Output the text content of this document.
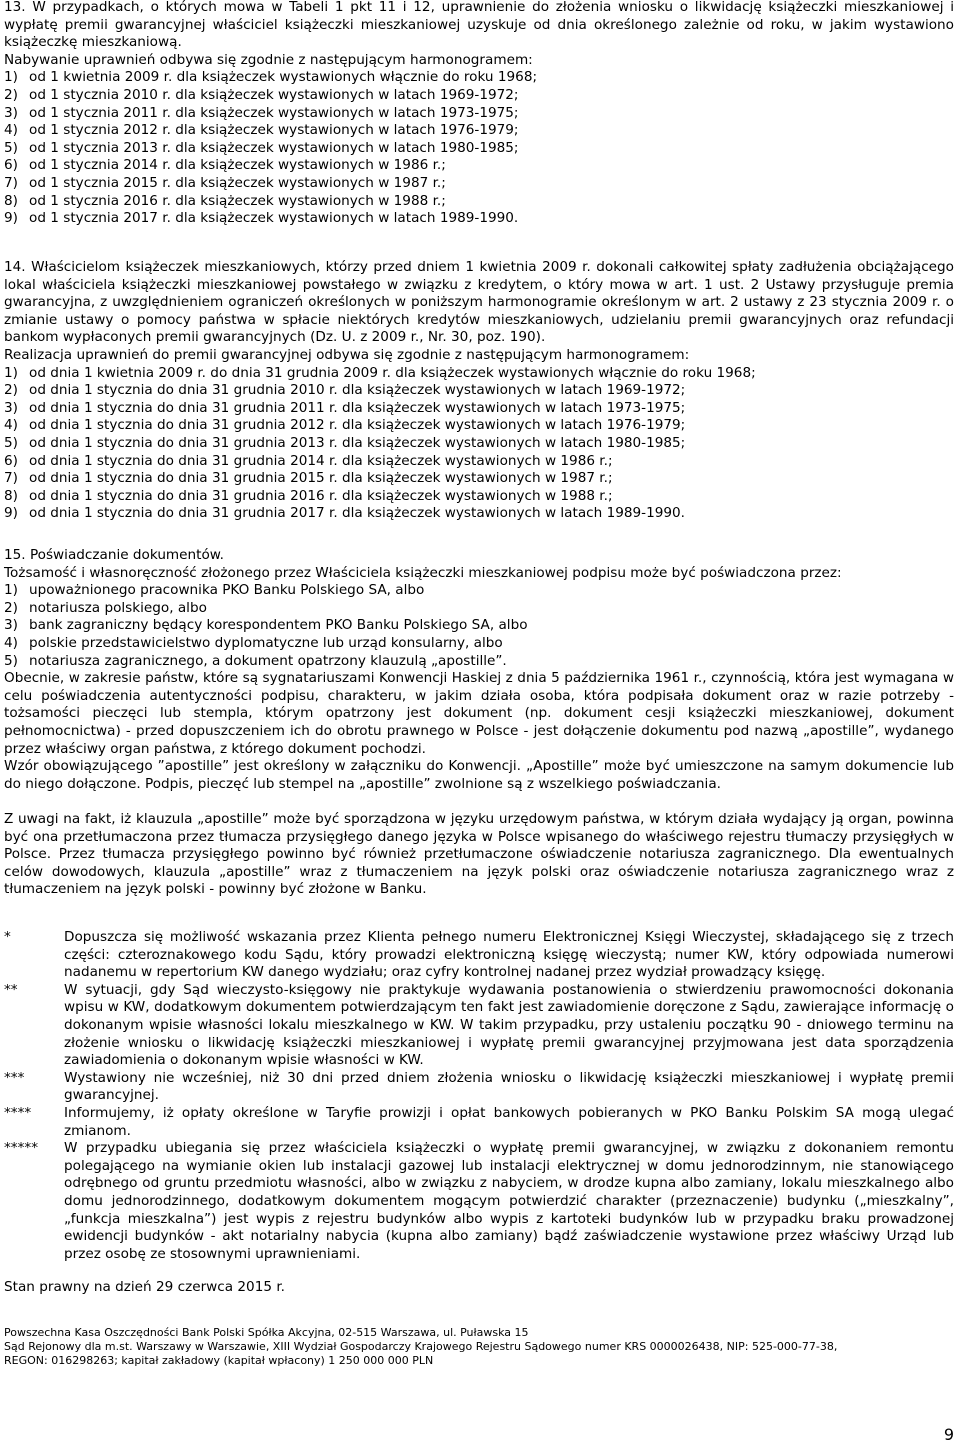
13. W przypadkach, o których mowa w Tabeli 1 pkt 11 i 12, uprawnienie do złożenia wniosku o likwidację książeczki mieszkaniowej i wypłatę premii gwarancyjnej właściciel książeczki mieszkaniowej uzyskuje od dnia określonego zależnie od roku, w jakim wystawiono książeczkę mieszkaniową.

Nabywanie uprawnień odbywa się zgodnie z następującym harmonogramem:

1) od 1 kwietnia 2009 r. dla książeczek wystawionych włącznie do roku 1968;
2) od 1 stycznia 2010 r. dla książeczek wystawionych w latach 1969-1972;
3) od 1 stycznia 2011 r. dla książeczek wystawionych w latach 1973-1975;
4) od 1 stycznia 2012 r. dla książeczek wystawionych w latach 1976-1979;
5) od 1 stycznia 2013 r. dla książeczek wystawionych w latach 1980-1985;
6) od 1 stycznia 2014 r. dla książeczek wystawionych w 1986 r.;
7) od 1 stycznia 2015 r. dla książeczek wystawionych w 1987 r.;
8) od 1 stycznia 2016 r. dla książeczek wystawionych w 1988 r.;
9) od 1 stycznia 2017 r. dla książeczek wystawionych w latach 1989-1990.

14. Właścicielom książeczek mieszkaniowych, którzy przed dniem 1 kwietnia 2009 r. dokonali całkowitej spłaty zadłużenia obciążającego lokal właściciela książeczki mieszkaniowej powstałego w związku z kredytem, o który mowa w art. 1 ust. 2 Ustawy przysługuje premia gwarancyjna, z uwzględnieniem ograniczeń określonych w poniższym harmonogramie określonym w art. 2 ustawy z 23 stycznia 2009 r. o zmianie ustawy o pomocy państwa w spłacie niektórych kredytów mieszkaniowych, udzielaniu premii gwarancyjnych oraz refundacji bankom wypłaconych premii gwarancyjnych (Dz. U. z 2009 r., Nr. 30, poz. 190).

Realizacja uprawnień do premii gwarancyjnej odbywa się zgodnie z następującym harmonogramem:

1) od dnia 1 kwietnia 2009 r. do dnia 31 grudnia 2009 r. dla książeczek wystawionych włącznie do roku 1968;
2) od dnia 1 stycznia do dnia 31 grudnia 2010 r. dla książeczek wystawionych w latach 1969-1972;
3) od dnia 1 stycznia do dnia 31 grudnia 2011 r. dla książeczek wystawionych w latach 1973-1975;
4) od dnia 1 stycznia do dnia 31 grudnia 2012 r. dla książeczek wystawionych w latach 1976-1979;
5) od dnia 1 stycznia do dnia 31 grudnia 2013 r. dla książeczek wystawionych w latach 1980-1985;
6) od dnia 1 stycznia do dnia 31 grudnia 2014 r. dla książeczek wystawionych w 1986 r.;
7) od dnia 1 stycznia do dnia 31 grudnia 2015 r. dla książeczek wystawionych w 1987 r.;
8) od dnia 1 stycznia do dnia 31 grudnia 2016 r. dla książeczek wystawionych w 1988 r.;
9) od dnia 1 stycznia do dnia 31 grudnia 2017 r. dla książeczek wystawionych w latach 1989-1990.

15. Poświadczanie dokumentów.

Tożsamość i własnoręczność złożonego przez Właściciela książeczki mieszkaniowej podpisu może być poświadczona przez:

1) upoważnionego pracownika PKO Banku Polskiego SA, albo
2) notariusza polskiego, albo
3) bank zagraniczny będący korespondentem PKO Banku Polskiego SA, albo
4) polskie przedstawicielstwo dyplomatyczne lub urząd konsularny, albo
5) notariusza zagranicznego, a dokument opatrzony klauzulą „apostille”.

Obecnie, w zakresie państw, które są sygnatariuszami Konwencji Haskiej z dnia 5 października 1961 r., czynnością, która jest wymagana w celu poświadczenia autentyczności podpisu, charakteru, w jakim działa osoba, która podpisała dokument oraz w razie potrzeby - tożsamości pieczęci lub stempla, którym opatrzony jest dokument (np. dokument cesji książeczki mieszkaniowej, dokument pełnomocnictwa) - przed dopuszczeniem ich do obrotu prawnego w Polsce - jest dołączenie dokumentu pod nazwą „apostille”, wydanego przez właściwy organ państwa, z którego dokument pochodzi.

Wzór obowiązującego ”apostille” jest określony w załączniku do Konwencji. „Apostille” może być umieszczone na samym dokumencie lub do niego dołączone. Podpis, pieczęć lub stempel na „apostille” zwolnione są z wszelkiego poświadczania.

Z uwagi na fakt, iż klauzula „apostille” może być sporządzona w języku urzędowym państwa, w którym działa wydający ją organ, powinna być ona przetłumaczona przez tłumacza przysięgłego danego języka w Polsce wpisanego do właściwego rejestru tłumaczy przysięgłych w Polsce. Przez tłumacza przysięgłego powinno być również przetłumaczone oświadczenie notariusza zagranicznego. Dla ewentualnych celów dowodowych, klauzula „apostille” wraz z tłumaczeniem na język polski oraz oświadczenie notariusza zagranicznego wraz z tłumaczeniem na język polski - powinny być złożone w Banku.

*	Dopuszcza się możliwość wskazania przez Klienta pełnego numeru Elektronicznej Księgi Wieczystej, składającego się z trzech części: czteroznakowego kodu Sądu, który prowadzi elektroniczną księgę wieczystą; numer KW, który odpowiada numerowi nadanemu w repertorium KW danego wydziału; oraz cyfry kontrolnej nadanej przez wydział prowadzący księgę.
**	W sytuacji, gdy Sąd wieczysto-księgowy nie praktykuje wydawania postanowienia o stwierdzeniu prawomocności dokonania wpisu w KW, dodatkowym dokumentem potwierdzającym ten fakt jest zawiadomienie doręczone z Sądu, zawierające informację o dokonanym wpisie własności lokalu mieszkalnego w KW. W takim przypadku, przy ustaleniu początku 90 - dniowego terminu na złożenie wniosku o likwidację książeczki mieszkaniowej i wypłatę premii gwarancyjnej przyjmowana jest data sporządzenia zawiadomienia o dokonanym wpisie własności w KW.
***	Wystawiony nie wcześniej, niż 30 dni przed dniem złożenia wniosku o likwidację książeczki mieszkaniowej i wypłatę premii gwarancyjnej.
**** Informujemy, iż opłaty określone w Taryfie prowizji i opłat bankowych pobieranych w PKO Banku Polskim SA mogą ulegać zmianom.
***** W przypadku ubiegania się przez właściciela książeczki o wypłatę premii gwarancyjnej, w związku z dokonaniem remontu polegającego na wymianie okien lub instalacji gazowej lub instalacji elektrycznej w domu jednorodzinnym, nie stanowiącego odrębnego od gruntu przedmiotu własności, albo w związku z nabyciem, w drodze kupna albo zamiany, lokalu mieszkalnego albo domu jednorodzinnego, dodatkowym dokumentem mogącym potwierdzić charakter (przeznaczenie) budynku („mieszkalny”, „funkcja mieszkalna”) jest wypis z rejestru budynków albo wypis z kartoteki budynków lub w przypadku braku prowadzonej ewidencji budynków - akt notarialny nabycia (kupna albo zamiany) bądź zaświadczenie wystawione przez właściwy Urząd lub przez osobę ze stosownymi uprawnieniami.

Stan prawny na dzień 29 czerwca 2015 r.

Powszechna Kasa Oszczędności Bank Polski Spółka Akcyjna, 02-515 Warszawa, ul. Puławska 15

Sąd Rejonowy dla m.st. Warszawy w Warszawie, XIII Wydział Gospodarczy Krajowego Rejestru Sądowego numer KRS 0000026438, NIP: 525-000-77-38,

REGON: 016298263; kapitał zakładowy (kapitał wpłacony) 1 250 000 000 PLN

9
